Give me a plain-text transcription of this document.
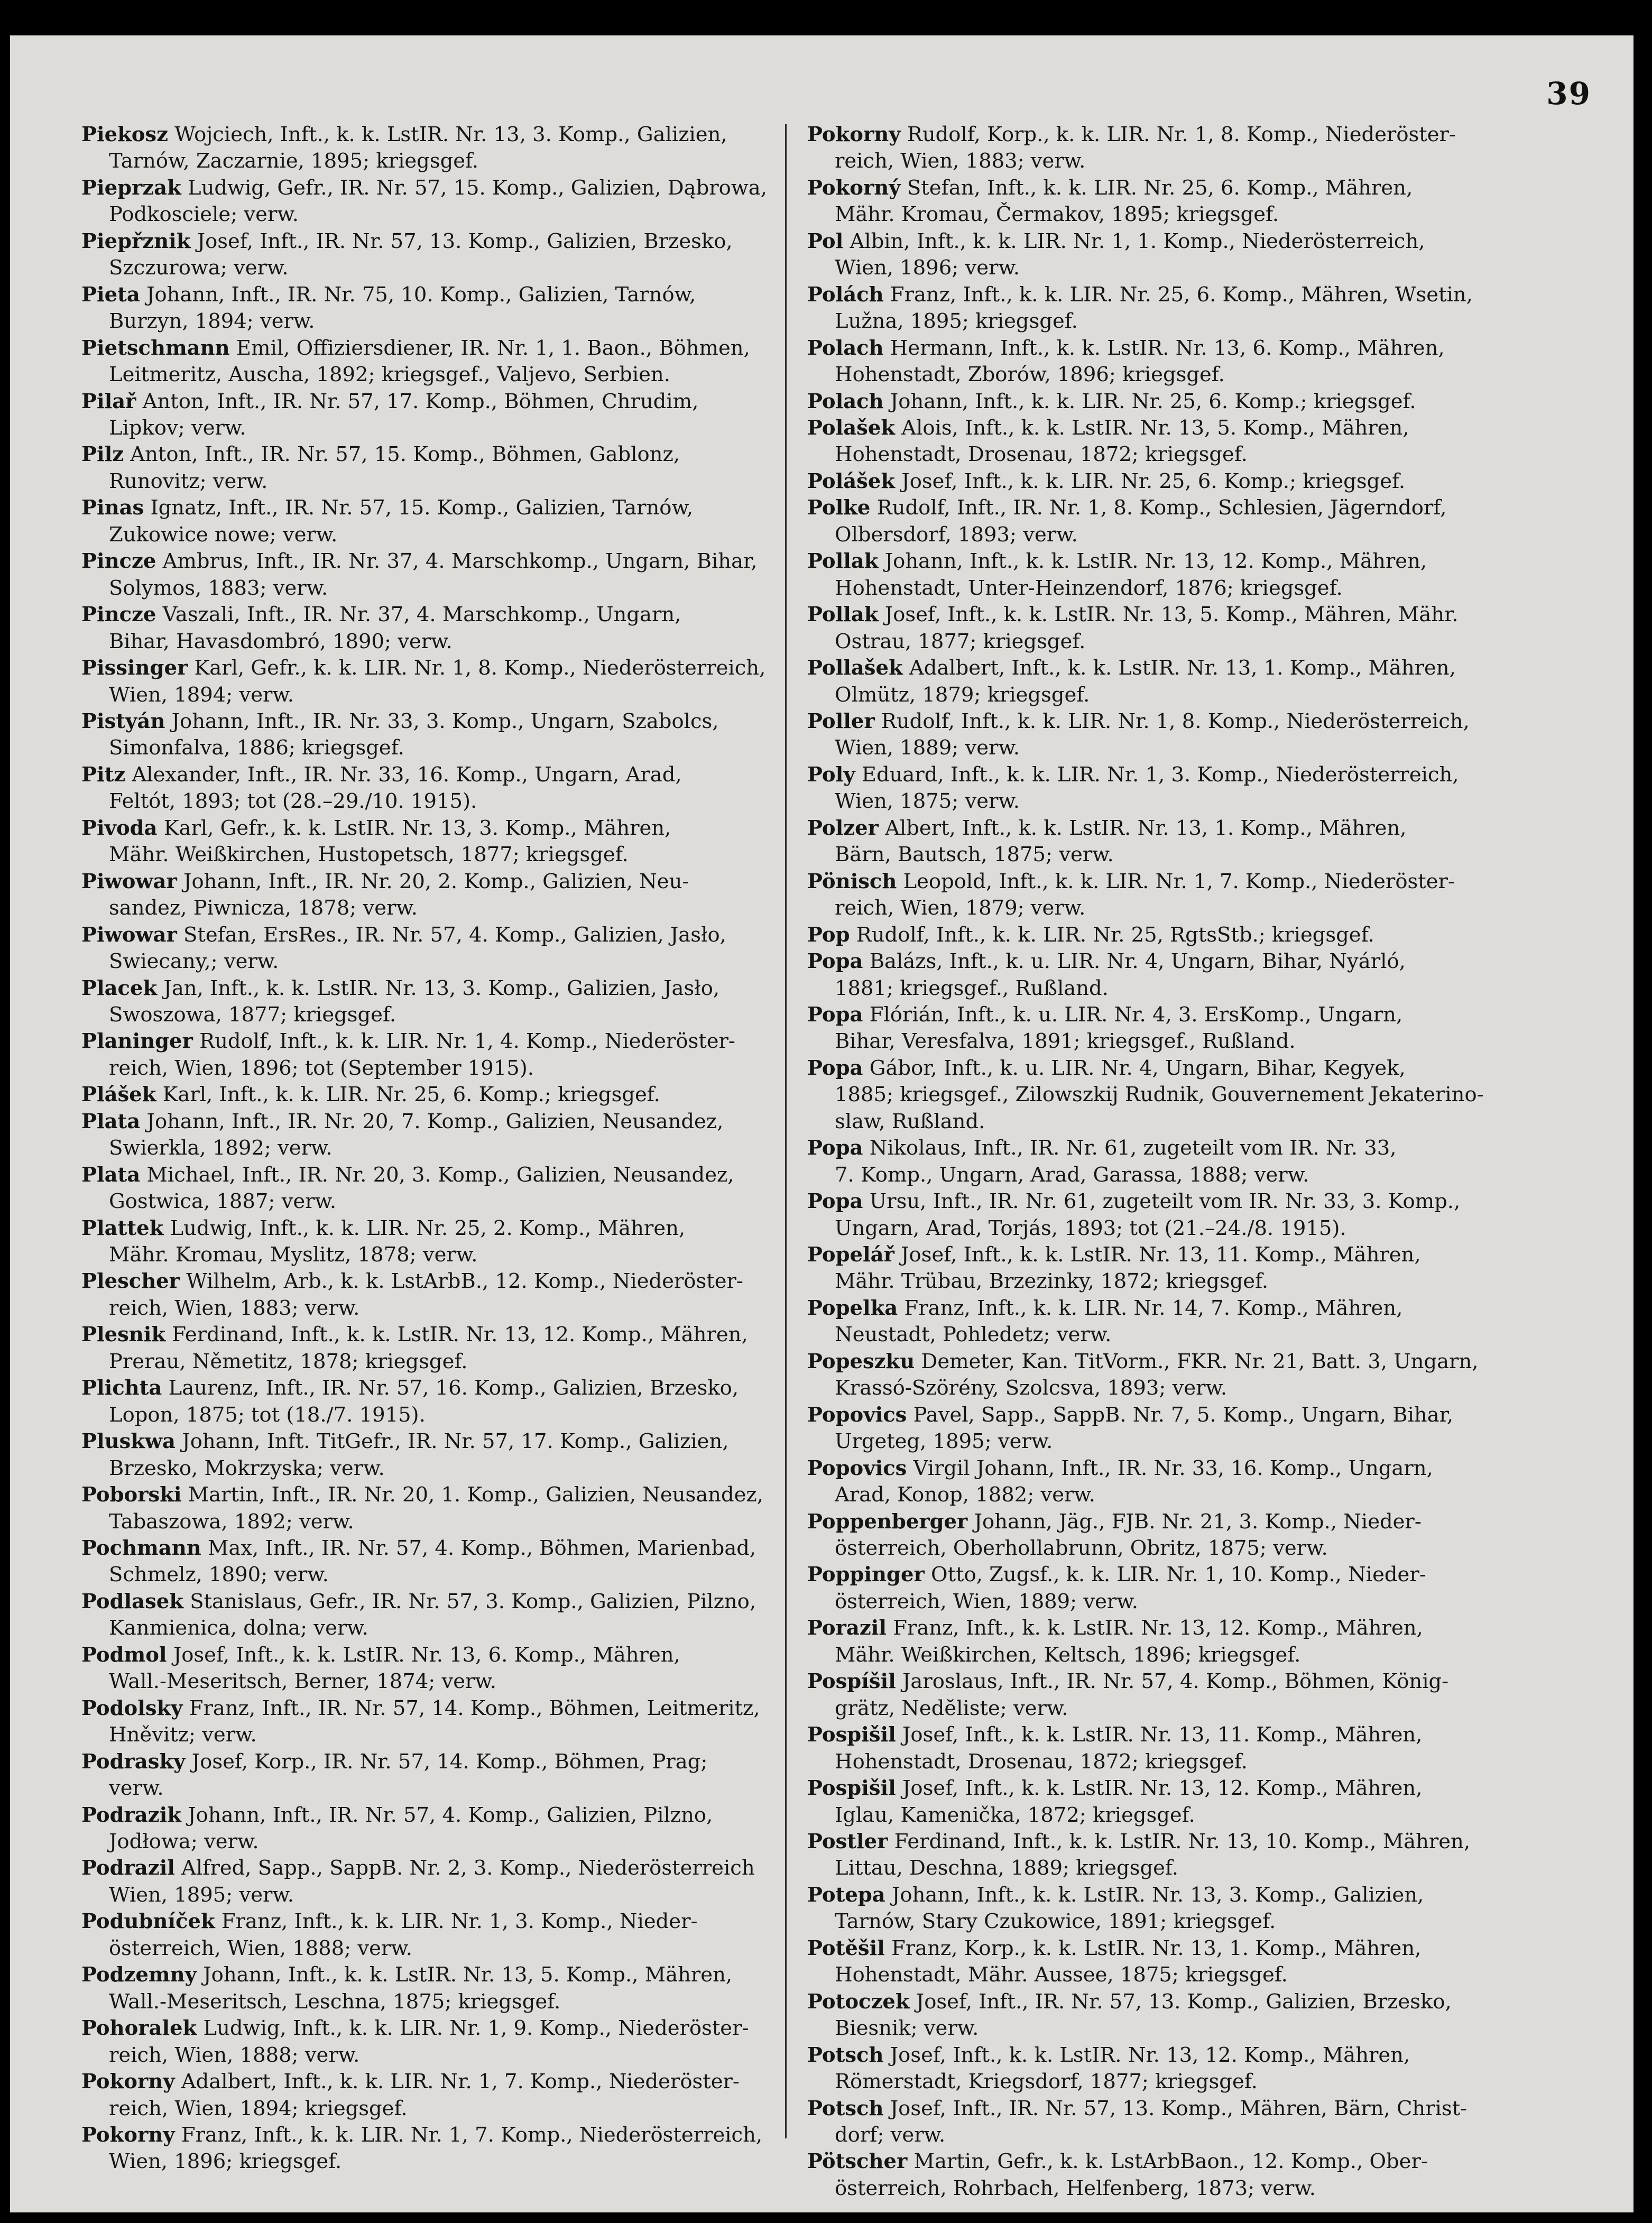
39
Piekosz Wojciech, Inft., k. k. LstIR. Nr. 13, 3. Komp., Galizien,
Tarnów, Zaczarnie, 1895; kriegsgef.
Pieprzak Ludwig, Gefr., IR. Nr. 57, 15. Komp., Galizien, Dąbrowa,
Podkosciele; verw.
Piepřznik Josef, Inft., IR. Nr. 57, 13. Komp., Galizien, Brzesko,
Szczurowa; verw.
Pieta Johann, Inft., IR. Nr. 75, 10. Komp., Galizien, Tarnów,
Burzyn, 1894; verw.
Pietschmann Emil, Offiziersdiener, IR. Nr. 1, 1. Baon., Böhmen,
Leitmeritz, Auscha, 1892; kriegsgef., Valjevo, Serbien.
Pilař Anton, Inft., IR. Nr. 57, 17. Komp., Böhmen, Chrudim,
Lipkov; verw.
Pilz Anton, Inft., IR. Nr. 57, 15. Komp., Böhmen, Gablonz,
Runovitz; verw.
Pinas Ignatz, Inft., IR. Nr. 57, 15. Komp., Galizien, Tarnów,
Zukowice nowe; verw.
Pincze Ambrus, Inft., IR. Nr. 37, 4. Marschkomp., Ungarn, Bihar,
Solymos, 1883; verw.
Pincze Vaszali, Inft., IR. Nr. 37, 4. Marschkomp., Ungarn,
Bihar, Havasdombró, 1890; verw.
Pissinger Karl, Gefr., k. k. LIR. Nr. 1, 8. Komp., Niederösterreich,
Wien, 1894; verw.
Pistyán Johann, Inft., IR. Nr. 33, 3. Komp., Ungarn, Szabolcs,
Simonfalva, 1886; kriegsgef.
Pitz Alexander, Inft., IR. Nr. 33, 16. Komp., Ungarn, Arad,
Feltót, 1893; tot (28.–29./10. 1915).
Pivoda Karl, Gefr., k. k. LstIR. Nr. 13, 3. Komp., Mähren,
Mähr. Weißkirchen, Hustopetsch, 1877; kriegsgef.
Piwowar Johann, Inft., IR. Nr. 20, 2. Komp., Galizien, Neu-
sandez, Piwnicza, 1878; verw.
Piwowar Stefan, ErsRes., IR. Nr. 57, 4. Komp., Galizien, Jasło,
Swiecany,; verw.
Placek Jan, Inft., k. k. LstIR. Nr. 13, 3. Komp., Galizien, Jasło,
Swoszowa, 1877; kriegsgef.
Planinger Rudolf, Inft., k. k. LIR. Nr. 1, 4. Komp., Niederöster-
reich, Wien, 1896; tot (September 1915).
Plášek Karl, Inft., k. k. LIR. Nr. 25, 6. Komp.; kriegsgef.
Plata Johann, Inft., IR. Nr. 20, 7. Komp., Galizien, Neusandez,
Swierkla, 1892; verw.
Plata Michael, Inft., IR. Nr. 20, 3. Komp., Galizien, Neusandez,
Gostwica, 1887; verw.
Plattek Ludwig, Inft., k. k. LIR. Nr. 25, 2. Komp., Mähren,
Mähr. Kromau, Myslitz, 1878; verw.
Plescher Wilhelm, Arb., k. k. LstArbB., 12. Komp., Niederöster-
reich, Wien, 1883; verw.
Plesnik Ferdinand, Inft., k. k. LstIR. Nr. 13, 12. Komp., Mähren,
Prerau, Němetitz, 1878; kriegsgef.
Plichta Laurenz, Inft., IR. Nr. 57, 16. Komp., Galizien, Brzesko,
Lopon, 1875; tot (18./7. 1915).
Pluskwa Johann, Inft. TitGefr., IR. Nr. 57, 17. Komp., Galizien,
Brzesko, Mokrzyska; verw.
Poborski Martin, Inft., IR. Nr. 20, 1. Komp., Galizien, Neusandez,
Tabaszowa, 1892; verw.
Pochmann Max, Inft., IR. Nr. 57, 4. Komp., Böhmen, Marienbad,
Schmelz, 1890; verw.
Podlasek Stanislaus, Gefr., IR. Nr. 57, 3. Komp., Galizien, Pilzno,
Kanmienica, dolna; verw.
Podmol Josef, Inft., k. k. LstIR. Nr. 13, 6. Komp., Mähren,
Wall.-Meseritsch, Berner, 1874; verw.
Podolsky Franz, Inft., IR. Nr. 57, 14. Komp., Böhmen, Leitmeritz,
Hněvitz; verw.
Podrasky Josef, Korp., IR. Nr. 57, 14. Komp., Böhmen, Prag;
verw.
Podrazik Johann, Inft., IR. Nr. 57, 4. Komp., Galizien, Pilzno,
Jodłowa; verw.
Podrazil Alfred, Sapp., SappB. Nr. 2, 3. Komp., Niederösterreich
Wien, 1895; verw.
Podubníček Franz, Inft., k. k. LIR. Nr. 1, 3. Komp., Nieder-
österreich, Wien, 1888; verw.
Podzemny Johann, Inft., k. k. LstIR. Nr. 13, 5. Komp., Mähren,
Wall.-Meseritsch, Leschna, 1875; kriegsgef.
Pohoralek Ludwig, Inft., k. k. LIR. Nr. 1, 9. Komp., Niederöster-
reich, Wien, 1888; verw.
Pokorny Adalbert, Inft., k. k. LIR. Nr. 1, 7. Komp., Niederöster-
reich, Wien, 1894; kriegsgef.
Pokorny Franz, Inft., k. k. LIR. Nr. 1, 7. Komp., Niederösterreich,
Wien, 1896; kriegsgef.
Pokorny Rudolf, Korp., k. k. LIR. Nr. 1, 8. Komp., Niederöster-
reich, Wien, 1883; verw.
Pokorný Stefan, Inft., k. k. LIR. Nr. 25, 6. Komp., Mähren,
Mähr. Kromau, Čermakov, 1895; kriegsgef.
Pol Albin, Inft., k. k. LIR. Nr. 1, 1. Komp., Niederösterreich,
Wien, 1896; verw.
Polách Franz, Inft., k. k. LIR. Nr. 25, 6. Komp., Mähren, Wsetin,
Lužna, 1895; kriegsgef.
Polach Hermann, Inft., k. k. LstIR. Nr. 13, 6. Komp., Mähren,
Hohenstadt, Zborów, 1896; kriegsgef.
Polach Johann, Inft., k. k. LIR. Nr. 25, 6. Komp.; kriegsgef.
Polašek Alois, Inft., k. k. LstIR. Nr. 13, 5. Komp., Mähren,
Hohenstadt, Drosenau, 1872; kriegsgef.
Polášek Josef, Inft., k. k. LIR. Nr. 25, 6. Komp.; kriegsgef.
Polke Rudolf, Inft., IR. Nr. 1, 8. Komp., Schlesien, Jägerndorf,
Olbersdorf, 1893; verw.
Pollak Johann, Inft., k. k. LstIR. Nr. 13, 12. Komp., Mähren,
Hohenstadt, Unter-Heinzendorf, 1876; kriegsgef.
Pollak Josef, Inft., k. k. LstIR. Nr. 13, 5. Komp., Mähren, Mähr.
Ostrau, 1877; kriegsgef.
Pollašek Adalbert, Inft., k. k. LstIR. Nr. 13, 1. Komp., Mähren,
Olmütz, 1879; kriegsgef.
Poller Rudolf, Inft., k. k. LIR. Nr. 1, 8. Komp., Niederösterreich,
Wien, 1889; verw.
Poly Eduard, Inft., k. k. LIR. Nr. 1, 3. Komp., Niederösterreich,
Wien, 1875; verw.
Polzer Albert, Inft., k. k. LstIR. Nr. 13, 1. Komp., Mähren,
Bärn, Bautsch, 1875; verw.
Pönisch Leopold, Inft., k. k. LIR. Nr. 1, 7. Komp., Niederöster-
reich, Wien, 1879; verw.
Pop Rudolf, Inft., k. k. LIR. Nr. 25, RgtsStb.; kriegsgef.
Popa Balázs, Inft., k. u. LIR. Nr. 4, Ungarn, Bihar, Nyárló,
1881; kriegsgef., Rußland.
Popa Flórián, Inft., k. u. LIR. Nr. 4, 3. ErsKomp., Ungarn,
Bihar, Veresfalva, 1891; kriegsgef., Rußland.
Popa Gábor, Inft., k. u. LIR. Nr. 4, Ungarn, Bihar, Kegyek,
1885; kriegsgef., Zilowszkij Rudnik, Gouvernement Jekaterino-
slaw, Rußland.
Popa Nikolaus, Inft., IR. Nr. 61, zugeteilt vom IR. Nr. 33,
7. Komp., Ungarn, Arad, Garassa, 1888; verw.
Popa Ursu, Inft., IR. Nr. 61, zugeteilt vom IR. Nr. 33, 3. Komp.,
Ungarn, Arad, Torjás, 1893; tot (21.–24./8. 1915).
Popelář Josef, Inft., k. k. LstIR. Nr. 13, 11. Komp., Mähren,
Mähr. Trübau, Brzezinky, 1872; kriegsgef.
Popelka Franz, Inft., k. k. LIR. Nr. 14, 7. Komp., Mähren,
Neustadt, Pohledetz; verw.
Popeszku Demeter, Kan. TitVorm., FKR. Nr. 21, Batt. 3, Ungarn,
Krassó-Szörény, Szolcsva, 1893; verw.
Popovics Pavel, Sapp., SappB. Nr. 7, 5. Komp., Ungarn, Bihar,
Urgeteg, 1895; verw.
Popovics Virgil Johann, Inft., IR. Nr. 33, 16. Komp., Ungarn,
Arad, Konop, 1882; verw.
Poppenberger Johann, Jäg., FJB. Nr. 21, 3. Komp., Nieder-
österreich, Oberhollabrunn, Obritz, 1875; verw.
Poppinger Otto, Zugsf., k. k. LIR. Nr. 1, 10. Komp., Nieder-
österreich, Wien, 1889; verw.
Porazil Franz, Inft., k. k. LstIR. Nr. 13, 12. Komp., Mähren,
Mähr. Weißkirchen, Keltsch, 1896; kriegsgef.
Pospíšil Jaroslaus, Inft., IR. Nr. 57, 4. Komp., Böhmen, König-
grätz, Nedĕliste; verw.
Pospišil Josef, Inft., k. k. LstIR. Nr. 13, 11. Komp., Mähren,
Hohenstadt, Drosenau, 1872; kriegsgef.
Pospišil Josef, Inft., k. k. LstIR. Nr. 13, 12. Komp., Mähren,
Iglau, Kamenička, 1872; kriegsgef.
Postler Ferdinand, Inft., k. k. LstIR. Nr. 13, 10. Komp., Mähren,
Littau, Deschna, 1889; kriegsgef.
Potepa Johann, Inft., k. k. LstIR. Nr. 13, 3. Komp., Galizien,
Tarnów, Stary Czukowice, 1891; kriegsgef.
Potěšil Franz, Korp., k. k. LstIR. Nr. 13, 1. Komp., Mähren,
Hohenstadt, Mähr. Aussee, 1875; kriegsgef.
Potoczek Josef, Inft., IR. Nr. 57, 13. Komp., Galizien, Brzesko,
Biesnik; verw.
Potsch Josef, Inft., k. k. LstIR. Nr. 13, 12. Komp., Mähren,
Römerstadt, Kriegsdorf, 1877; kriegsgef.
Potsch Josef, Inft., IR. Nr. 57, 13. Komp., Mähren, Bärn, Christ-
dorf; verw.
Pötscher Martin, Gefr., k. k. LstArbBaon., 12. Komp., Ober-
österreich, Rohrbach, Helfenberg, 1873; verw.
